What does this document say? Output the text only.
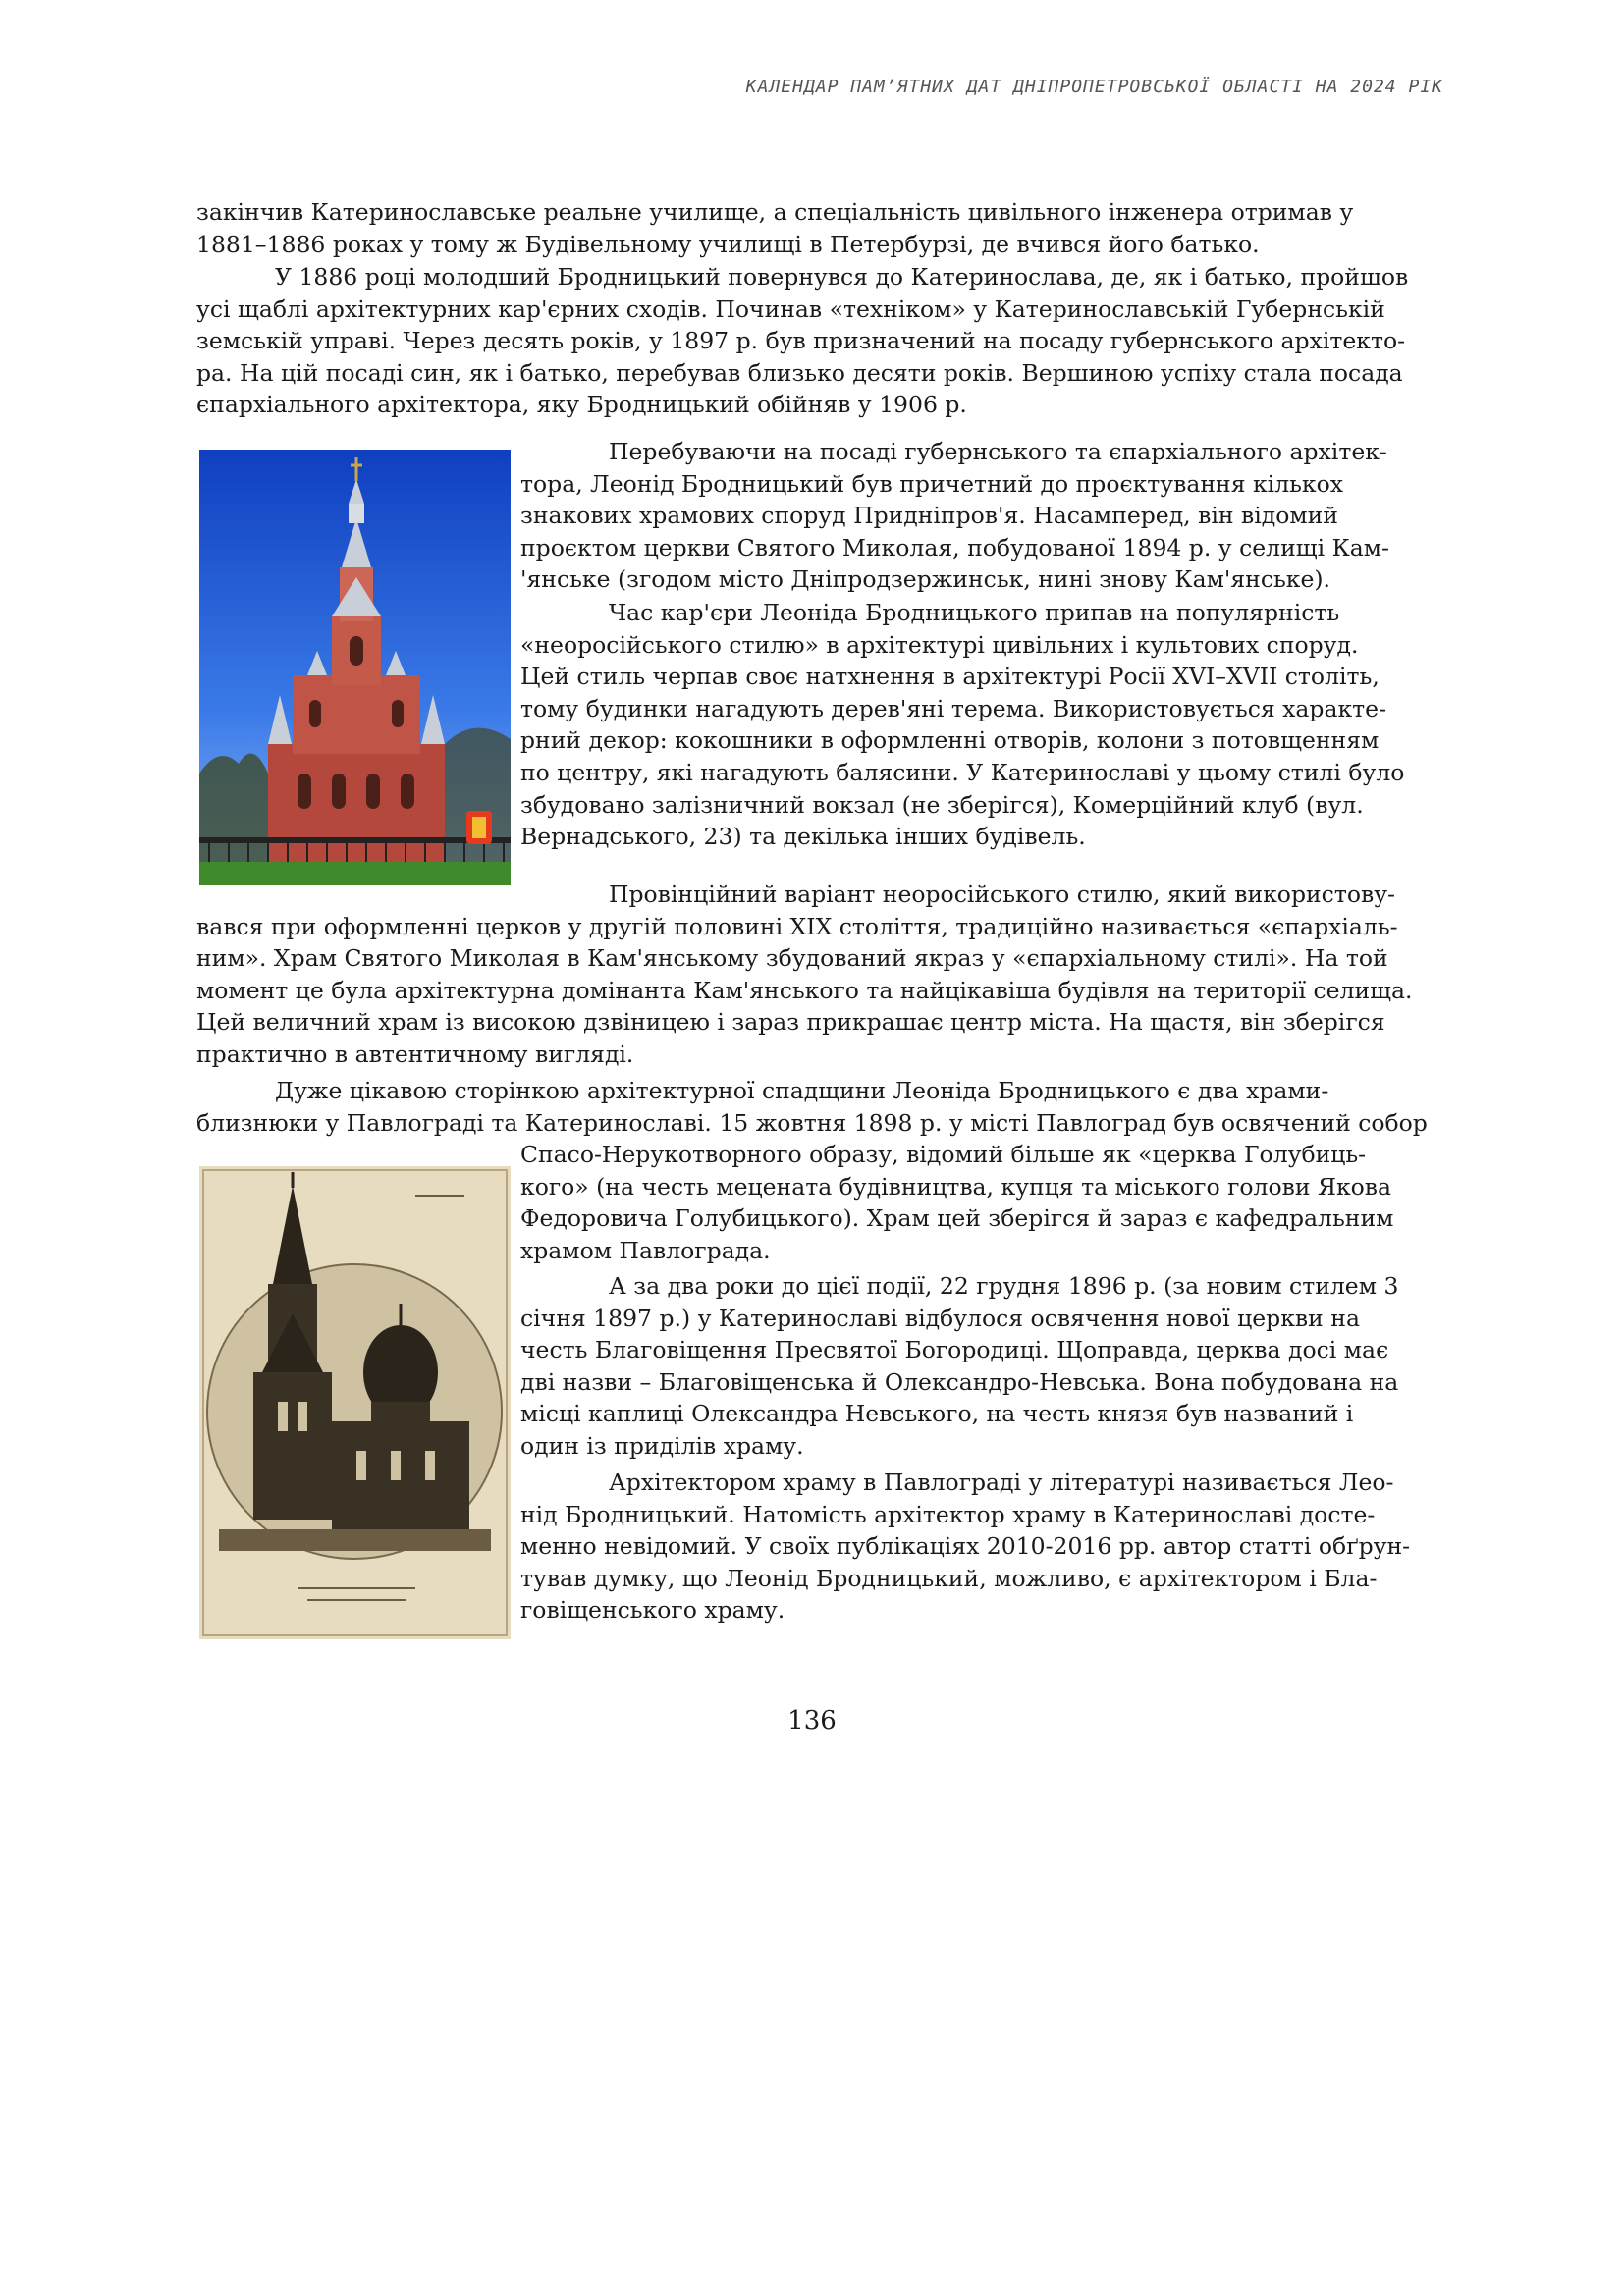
КАЛЕНДАР ПАМ’ЯТНИХ ДАТ ДНІПРОПЕТРОВСЬКОЇ ОБЛАСТІ НА 2024 РІК
закінчив Катеринославське реальне училище, а спеціальність цивільного інженера отримав у
1881–1886 роках у тому ж Будівельному училищі в Петербурзі, де вчився його батько.
У 1886 році молодший Бродницький повернувся до Катеринослава, де, як і батько, пройшов
усі щаблі архітектурних кар'єрних сходів. Починав «техніком» у Катеринославській Губернській
земській управі. Через десять років, у 1897 р. був призначений на посаду губернського архітекто-
ра. На цій посаді син, як і батько, перебував близько десяти років. Вершиною успіху стала посада
єпархіального архітектора, яку Бродницький обійняв у 1906 р.
Перебуваючи на посаді губернського та єпархіального архітек-
тора, Леонід Бродницький був причетний до проєктування кількох
знакових храмових споруд Придніпров'я. Насамперед, він відомий
проєктом церкви Святого Миколая, побудованої 1894 р. у селищі Кам-
'янське (згодом місто Дніпродзержинськ, нині знову Кам'янське).
Час кар'єри Леоніда Бродницького припав на популярність
«неоросійського стилю» в архітектурі цивільних і культових споруд.
Цей стиль черпав своє натхнення в архітектурі Росії XVI–XVII століть,
тому будинки нагадують дерев'яні терема. Використовується характе-
рний декор: кокошники в оформленні отворів, колони з потовщенням
по центру, які нагадують балясини. У Катеринославі у цьому стилі було
збудовано залізничний вокзал (не зберігся), Комерційний клуб (вул.
Вернадського, 23) та декілька інших будівель.
Провінційний варіант неоросійського стилю, який використову-
вався при оформленні церков у другій половині XIX століття, традиційно називається «єпархіаль-
ним». Храм Святого Миколая в Кам'янському збудований якраз у «єпархіальному стилі». На той
момент це була архітектурна домінанта Кам'янського та найцікавіша будівля на території селища.
Цей величний храм із високою дзвіницею і зараз прикрашає центр міста. На щастя, він зберігся
практично в автентичному вигляді.
Дуже цікавою сторінкою архітектурної спадщини Леоніда Бродницького є два храми-
близнюки у Павлограді та Катеринославі. 15 жовтня 1898 р. у місті Павлоград був освячений собор
Спасо-Нерукотворного образу, відомий більше як «церква Голубиць-
кого» (на честь мецената будівництва, купця та міського голови Якова
Федоровича Голубицького). Храм цей зберігся й зараз є кафедральним
храмом Павлограда.
А за два роки до цієї події, 22 грудня 1896 р. (за новим стилем 3
січня 1897 р.) у Катеринославі відбулося освячення нової церкви на
честь Благовіщення Пресвятої Богородиці. Щоправда, церква досі має
дві назви – Благовіщенська й Олександро-Невська. Вона побудована на
місці каплиці Олександра Невського, на честь князя був названий і
один із приділів храму.
Архітектором храму в Павлограді у літературі називається Лео-
нід Бродницький. Натомість архітектор храму в Катеринославі досте-
менно невідомий. У своїх публікаціях 2010-2016 рр. автор статті обґрун-
тував думку, що Леонід Бродницький, можливо, є архітектором і Бла-
говіщенського храму.
136
